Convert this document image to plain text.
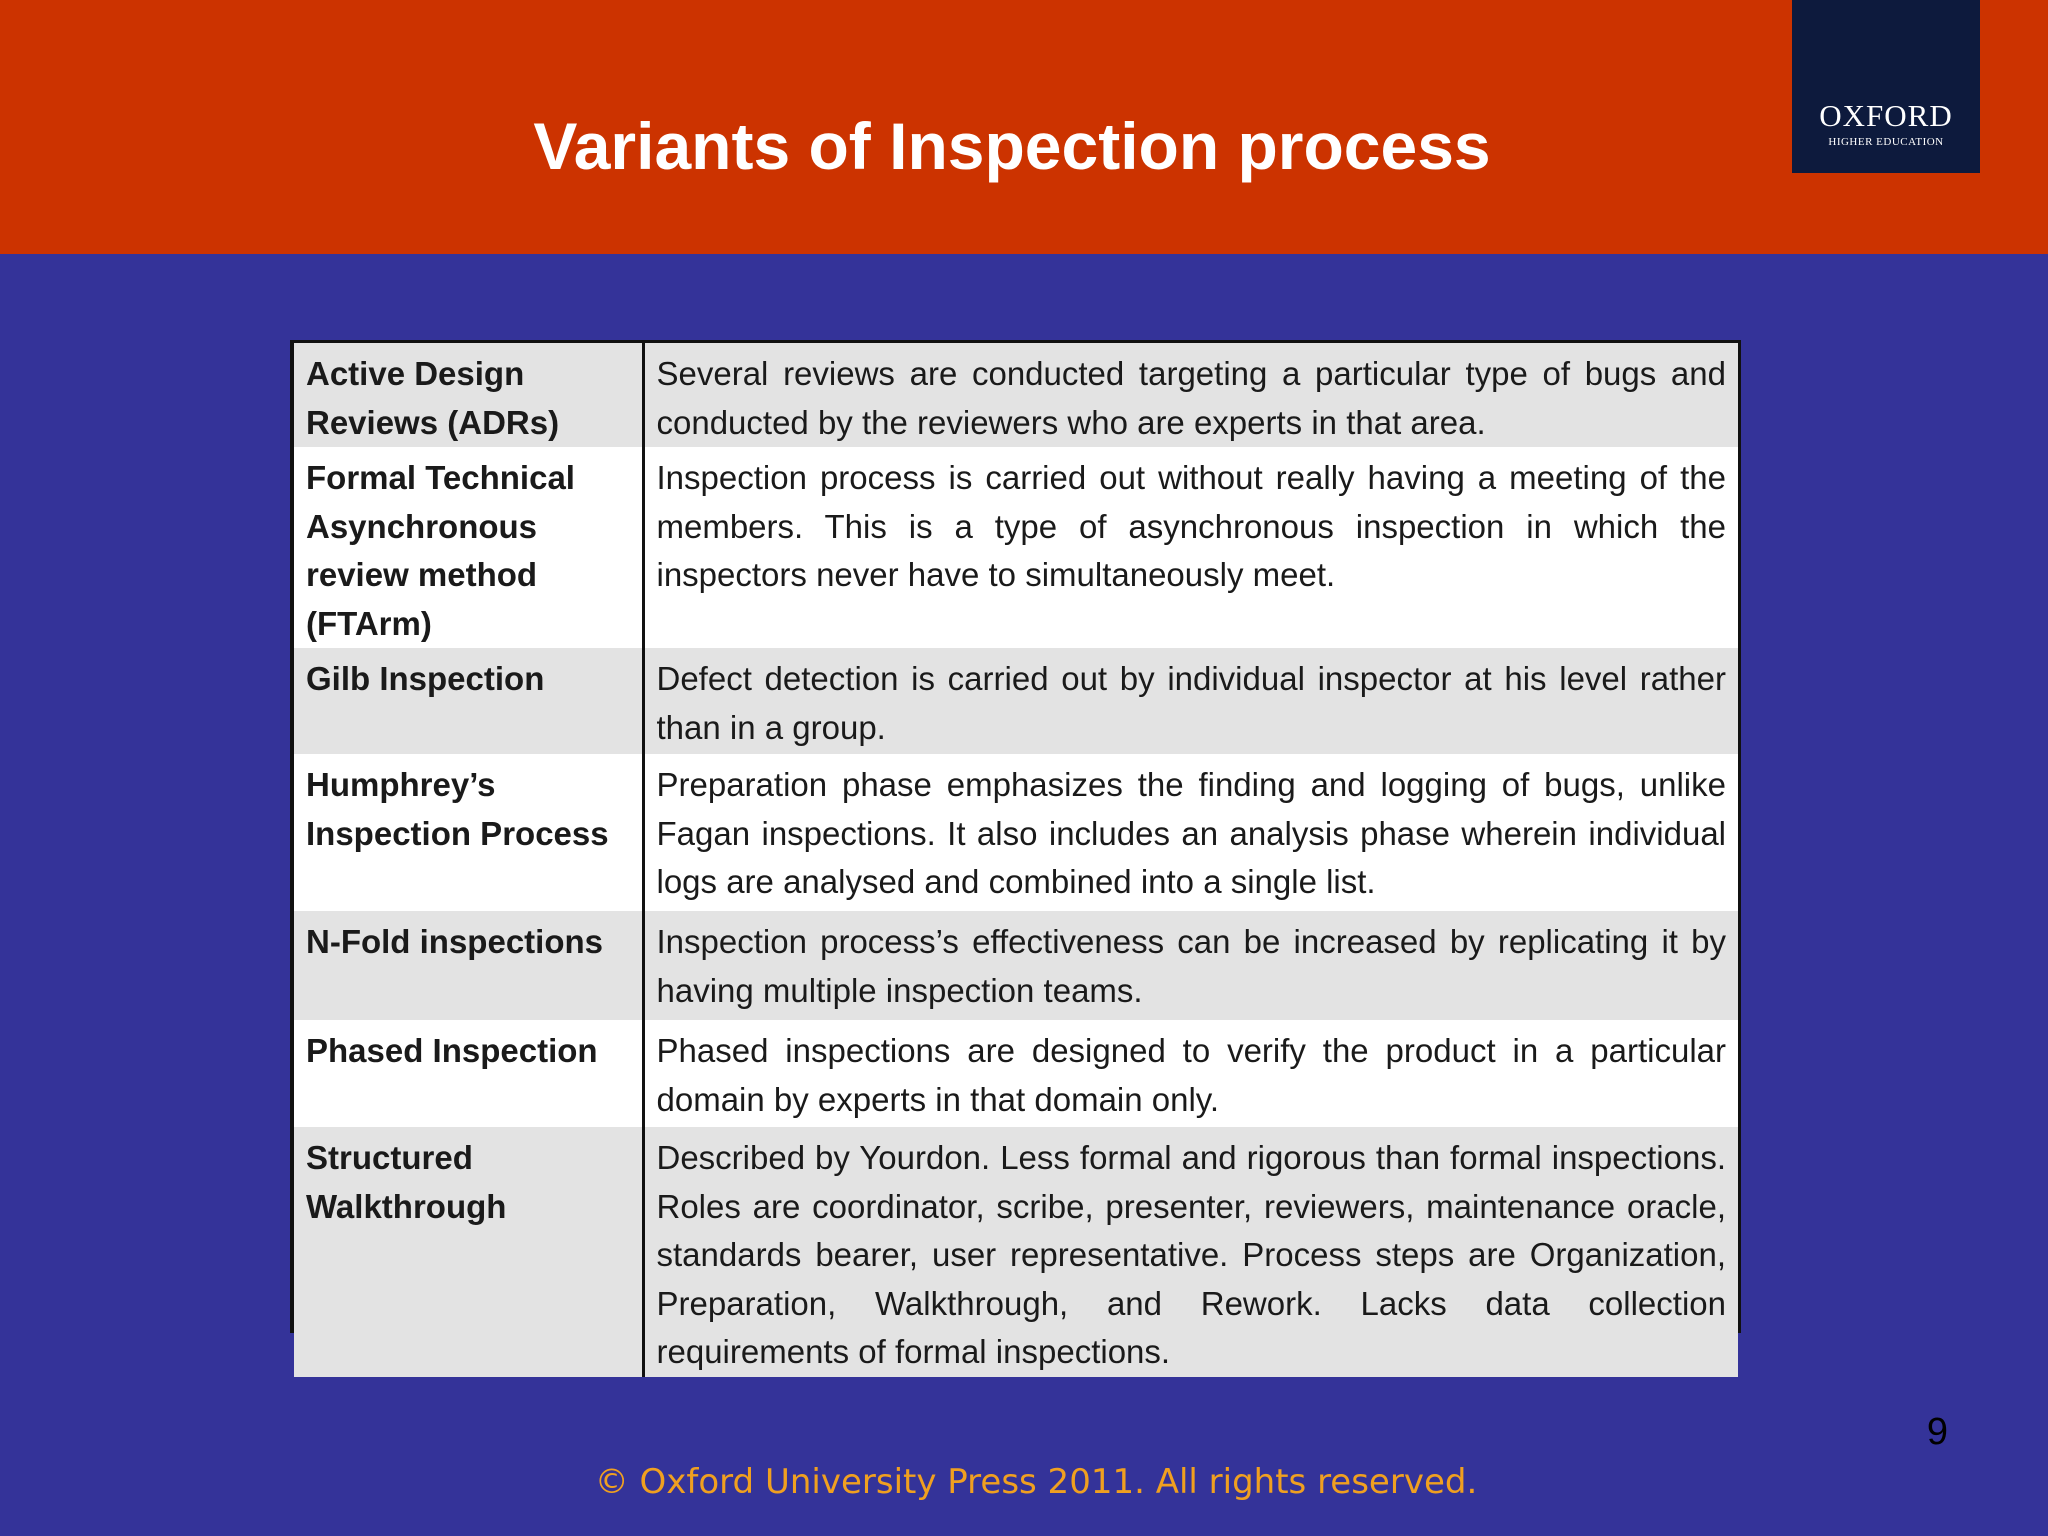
Variants of Inspection process	OXFORD
HIGHER EDUCATION
Active Design Reviews (ADRs)	Several reviews are conducted targeting a particular type of bugs and conducted by the reviewers who are experts in that area.
Formal Technical Asynchronous review method (FTArm)	Inspection process is carried out without really having a meeting of the members. This is a type of asynchronous inspection in which the inspectors never have to simultaneously meet.
Gilb Inspection	Defect detection is carried out by individual inspector at his level rather than in a group.
Humphrey’s Inspection Process	Preparation phase emphasizes the finding and logging of bugs, unlike Fagan inspections. It also includes an analysis phase wherein individual logs are analysed and combined into a single list.
N-Fold inspections	Inspection process’s effectiveness can be increased by replicating it by having multiple inspection teams.
Phased Inspection	Phased inspections are designed to verify the product in a particular domain by experts in that domain only.
Structured Walkthrough	Described by Yourdon. Less formal and rigorous than formal inspections. Roles are coordinator, scribe, presenter, reviewers, maintenance oracle, standards bearer, user representative. Process steps are Organization, Preparation, Walkthrough, and Rework. Lacks data collection requirements of formal inspections.
9
© Oxford University Press 2011. All rights reserved.
